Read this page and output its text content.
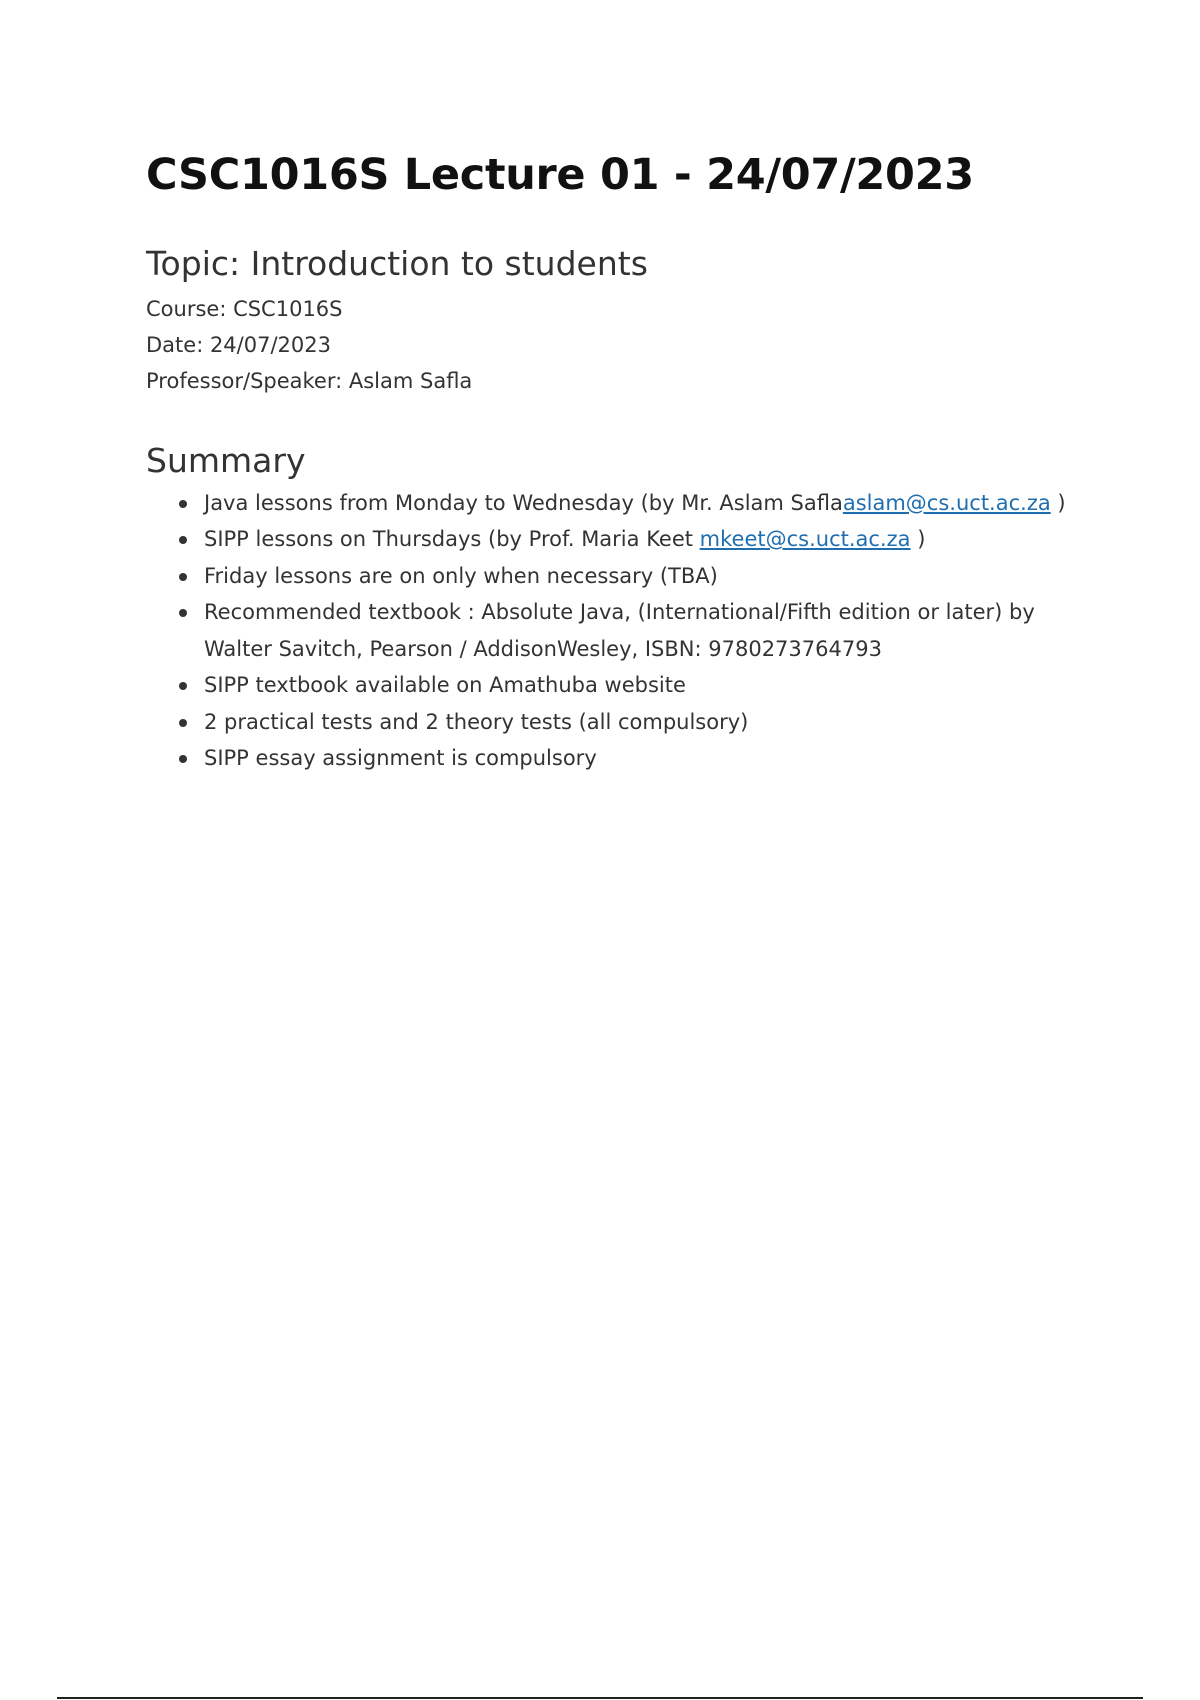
CSC1016S Lecture 01 - 24/07/2023
Topic: Introduction to students
Course: CSC1016S
Date: 24/07/2023
Professor/Speaker: Aslam Safla
Summary
Java lessons from Monday to Wednesday (by Mr. Aslam Saflaaslam@cs.uct.ac.za )
SIPP lessons on Thursdays (by Prof. Maria Keet mkeet@cs.uct.ac.za )
Friday lessons are on only when necessary (TBA)
Recommended textbook : Absolute Java, (International/Fifth edition or later) by Walter Savitch, Pearson / AddisonWesley, ISBN: 9780273764793
SIPP textbook available on Amathuba website
2 practical tests and 2 theory tests (all compulsory)
SIPP essay assignment is compulsory
